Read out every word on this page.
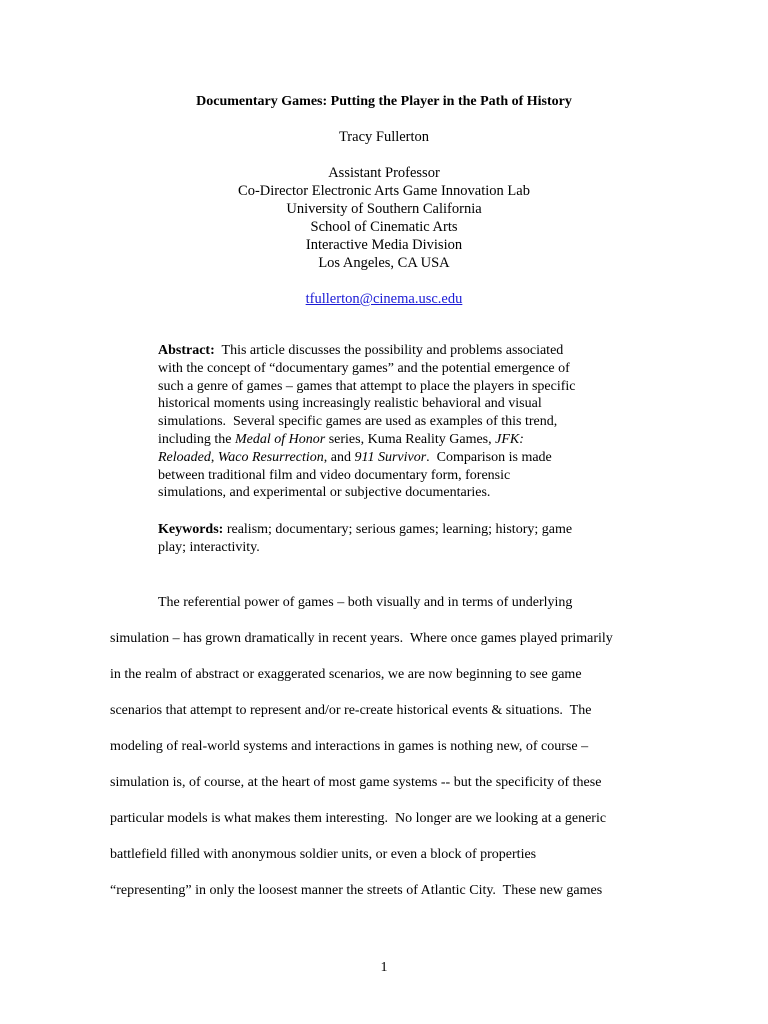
Documentary Games: Putting the Player in the Path of History
Tracy Fullerton
Assistant Professor
Co-Director Electronic Arts Game Innovation Lab
University of Southern California
School of Cinematic Arts
Interactive Media Division
Los Angeles, CA USA
tfullerton@cinema.usc.edu
Abstract:  This article discusses the possibility and problems associated
with the concept of “documentary games” and the potential emergence of
such a genre of games – games that attempt to place the players in specific
historical moments using increasingly realistic behavioral and visual
simulations.  Several specific games are used as examples of this trend,
including the Medal of Honor series, Kuma Reality Games, JFK:
Reloaded, Waco Resurrection, and 911 Survivor.  Comparison is made
between traditional film and video documentary form, forensic
simulations, and experimental or subjective documentaries.
Keywords: realism; documentary; serious games; learning; history; game
play; interactivity.
The referential power of games – both visually and in terms of underlying
simulation – has grown dramatically in recent years.  Where once games played primarily
in the realm of abstract or exaggerated scenarios, we are now beginning to see game
scenarios that attempt to represent and/or re-create historical events & situations.  The
modeling of real-world systems and interactions in games is nothing new, of course –
simulation is, of course, at the heart of most game systems -- but the specificity of these
particular models is what makes them interesting.  No longer are we looking at a generic
battlefield filled with anonymous soldier units, or even a block of properties
“representing” in only the loosest manner the streets of Atlantic City.  These new games
1
